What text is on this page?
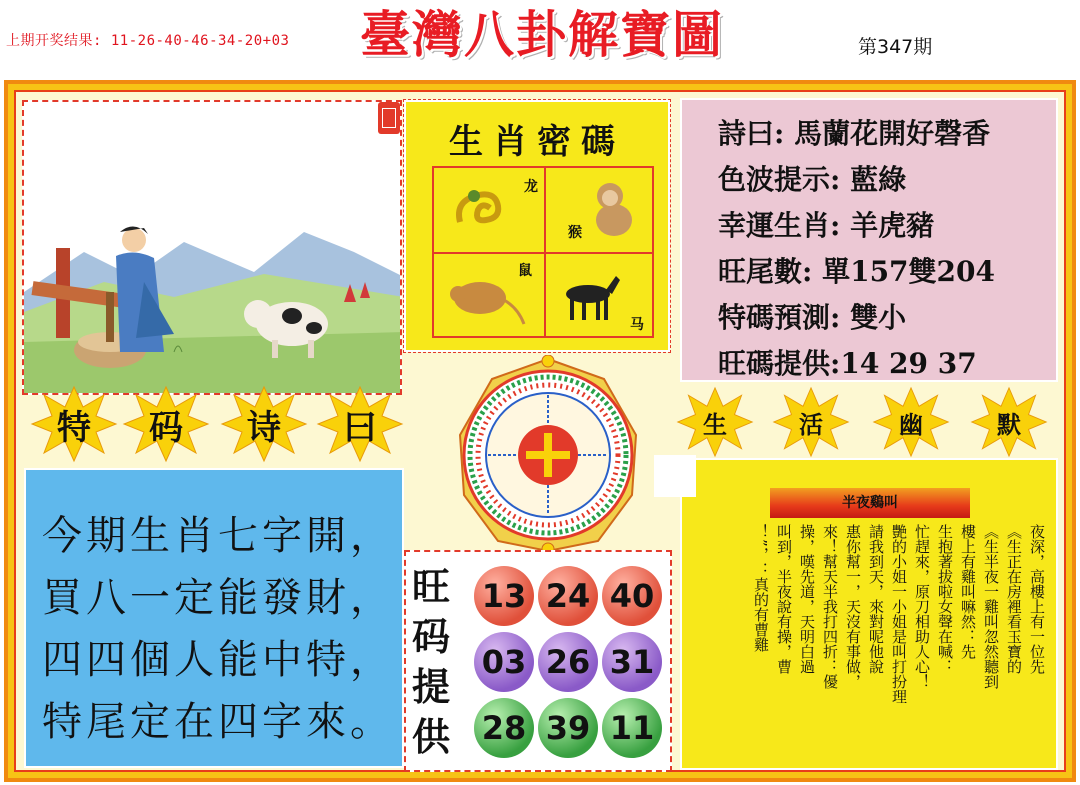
上期开奖结果: 11-26-40-46-34-20+03	臺灣八卦解寶圖	第347期
特	码	诗	曰
今期生肖七字開，
買八一定能發財，
四四個人能中特，
特尾定在四字來。
生肖密碼
龙
猴
鼠
马
詩曰: 馬蘭花開好磬香
色波提示: 藍綠
幸運生肖: 羊虎豬
旺尾數: 單157雙204
特碼預測: 雙小
旺碼提供:14 29 37
生	活	幽	默
旺
码
提
供
13 24 40
03 26 31
28 39 11
半夜鷄叫
夜深，高樓上有一位先
《生正在房裡看玉寶的
《生半夜一雞叫忽然聽到
樓上有雞叫嘛然：先
生抱著拔啦女聲在喊：
忙趕來，原刀相助人心！
艷的小姐一小姐是叫打扮理
請我到天，來對呢他說
惠你幫一，天沒有事做，
來！幫天半我打四折：優
操，嘆先道，天明白過
叫到，半夜說有操，曹
！”，：真的有曹雞
